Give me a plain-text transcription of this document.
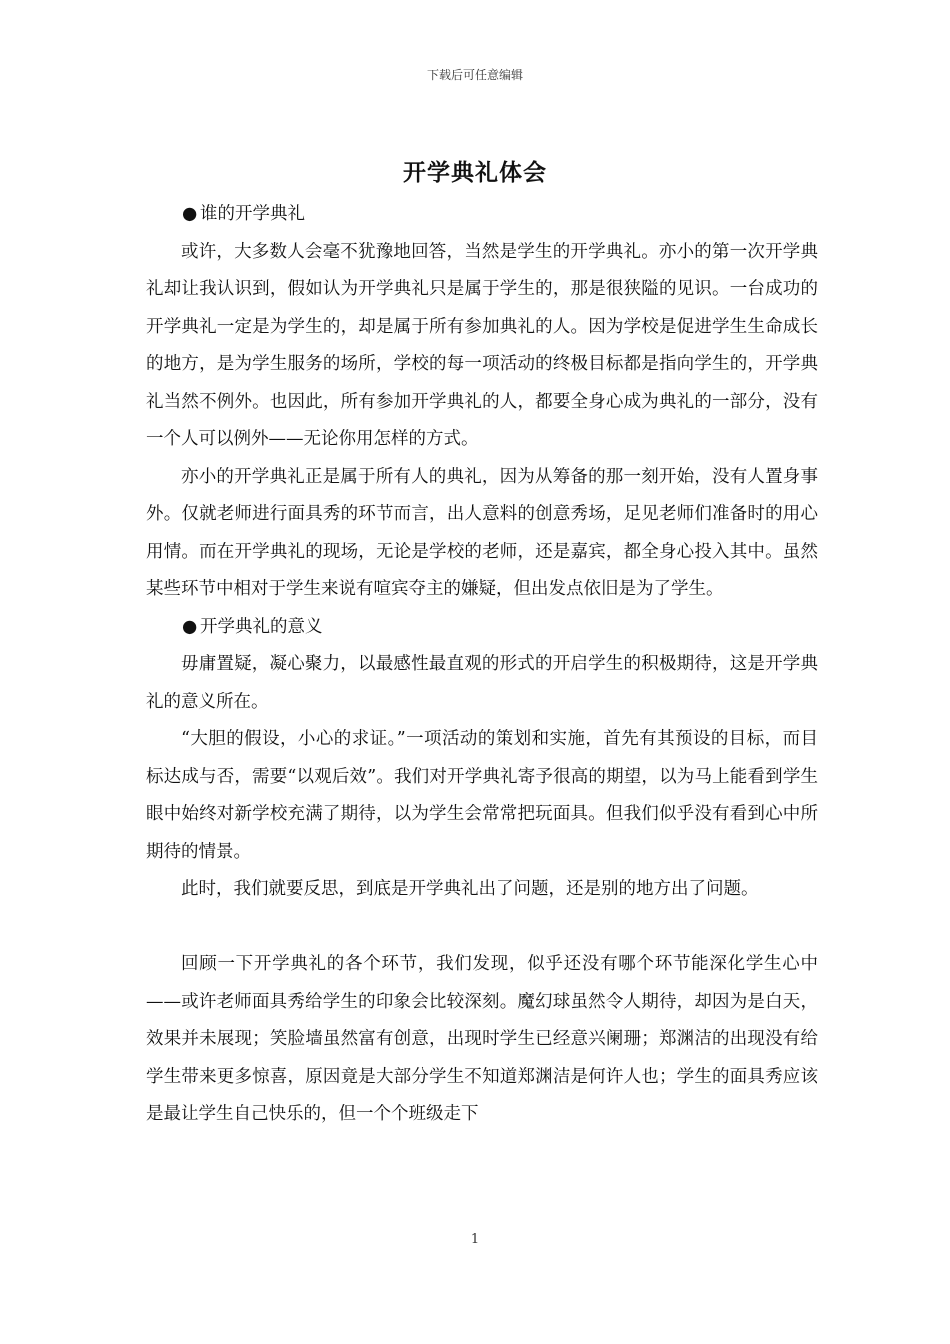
下载后可任意编辑
开学典礼体会
● 谁的开学典礼

或许，大多数人会毫不犹豫地回答，当然是学生的开学典礼。亦小的第一次开学典礼却让我认识到，假如认为开学典礼只是属于学生的，那是很狭隘的见识。一台成功的开学典礼一定是为学生的，却是属于所有参加典礼的人。因为学校是促进学生生命成长的地方，是为学生服务的场所，学校的每一项活动的终极目标都是指向学生的，开学典礼当然不例外。也因此，所有参加开学典礼的人，都要全身心成为典礼的一部分，没有一个人可以例外——无论你用怎样的方式。

亦小的开学典礼正是属于所有人的典礼，因为从筹备的那一刻开始，没有人置身事外。仅就老师进行面具秀的环节而言，出人意料的创意秀场，足见老师们准备时的用心用情。而在开学典礼的现场，无论是学校的老师，还是嘉宾，都全身心投入其中。虽然某些环节中相对于学生来说有喧宾夺主的嫌疑，但出发点依旧是为了学生。

● 开学典礼的意义

毋庸置疑，凝心聚力，以最感性最直观的形式的开启学生的积极期待，这是开学典礼的意义所在。

“大胆的假设，小心的求证。”一项活动的策划和实施，首先有其预设的目标，而目标达成与否，需要“以观后效”。我们对开学典礼寄予很高的期望，以为马上能看到学生眼中始终对新学校充满了期待，以为学生会常常把玩面具。但我们似乎没有看到心中所期待的情景。

此时，我们就要反思，到底是开学典礼出了问题，还是别的地方出了问题。

回顾一下开学典礼的各个环节，我们发现，似乎还没有哪个环节能深化学生心中——或许老师面具秀给学生的印象会比较深刻。魔幻球虽然令人期待，却因为是白天，效果并未展现；笑脸墙虽然富有创意，出现时学生已经意兴阑珊；郑渊洁的出现没有给学生带来更多惊喜，原因竟是大部分学生不知道郑渊洁是何许人也；学生的面具秀应该是最让学生自己快乐的，但一个个班级走下

1
